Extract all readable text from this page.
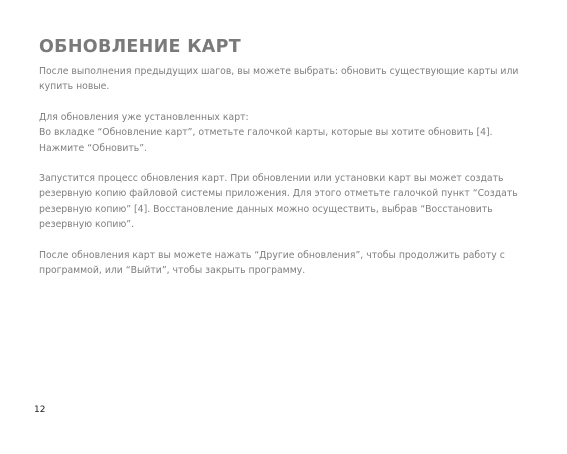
ОБНОВЛЕНИЕ КАРТ

После выполнения предыдущих шагов, вы можете выбрать: обновить существующие карты или
купить новые.

Для обновления уже установленных карт:
Во вкладке “Обновление карт”, отметьте галочкой карты, которые вы хотите обновить [4].
Нажмите “Обновить”.

Запустится процесс обновления карт. При обновлении или установки карт вы может создать
резервную копию файловой системы приложения. Для этого отметьте галочкой пункт “Создать
резервную копию” [4]. Восстановление данных можно осуществить, выбрав “Восстановить
резервную копию”.

После обновления карт вы можете нажать “Другие обновления”, чтобы продолжить работу с
программой, или “Выйти”, чтобы закрыть программу.

12
